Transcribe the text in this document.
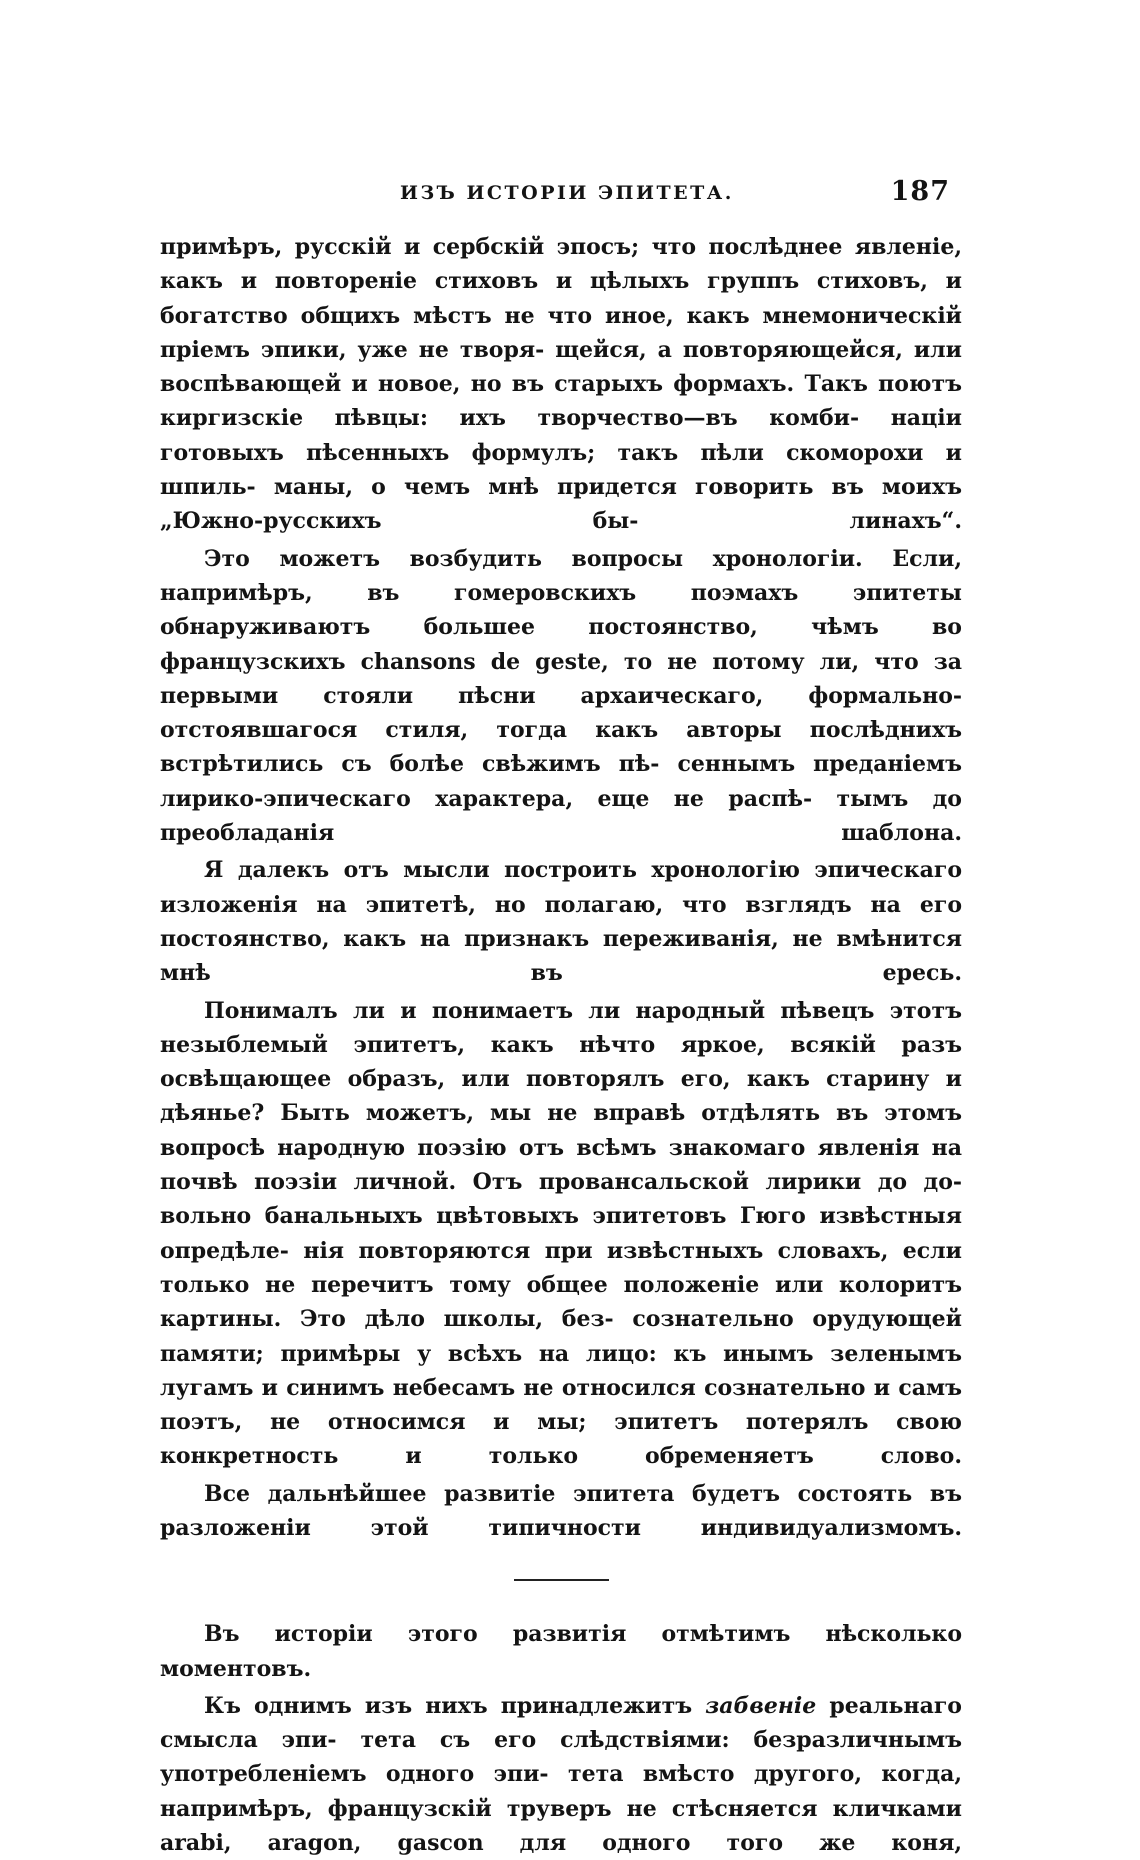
ИЗЪ ИСТОРІИ ЭПИТЕТА.	187

примѣръ, русскій и сербскій эпосъ; что послѣднее явленіе, какъ и повтореніе стиховъ и цѣлыхъ группъ стиховъ, и богатство общихъ мѣстъ не что иное, какъ мнемоническій пріемъ эпики, уже не творя- щейся, а повторяющейся, или воспѣвающей и новое, но въ старыхъ формахъ. Такъ поютъ киргизскіе пѣвцы: ихъ творчество—въ комби- націи готовыхъ пѣсенныхъ формулъ; такъ пѣли скоморохи и шпиль- маны, о чемъ мнѣ придется говорить въ моихъ „Южно-русскихъ бы-	линахъ“.

Это можетъ возбудить вопросы хронологіи. Если, напримѣръ, въ гомеровскихъ поэмахъ эпитеты обнаруживаютъ большее постоянство, чѣмъ во французскихъ chansons de geste, то не потому ли, что за первыми стояли пѣсни архаическаго, формально-отстоявшагося стиля, тогда какъ авторы послѣднихъ встрѣтились съ болѣе свѣжимъ пѣ- сеннымъ преданіемъ лирико-эпическаго характера, еще не распѣ- тымъ до преобладанія шаблона.

Я далекъ отъ мысли построить хронологію эпическаго изложенія на эпитетѣ, но полагаю, что взглядъ на его постоянство, какъ на признакъ переживанія, не вмѣнится мнѣ въ ересь.

Понималъ ли и понимаетъ ли народный пѣвецъ этотъ незыблемый эпитетъ, какъ нѣчто яркое, всякій разъ освѣщающее образъ, или повторялъ его, какъ старину и дѣянье? Быть можетъ, мы не вправѣ отдѣлять въ этомъ вопросѣ народную поэзію отъ всѣмъ знакомаго явленія на почвѣ поэзіи личной. Отъ провансальской лирики до до- вольно банальныхъ цвѣтовыхъ эпитетовъ Гюго извѣстныя опредѣле- нія повторяются при извѣстныхъ словахъ, если только не перечитъ тому общее положеніе или колоритъ картины. Это дѣло школы, без- сознательно орудующей памяти; примѣры у всѣхъ на лицо: къ инымъ зеленымъ лугамъ и синимъ небесамъ не относился сознательно и самъ поэтъ, не относимся и мы; эпитетъ потерялъ свою конкретность	и только обременяетъ слово.

Все дальнѣйшее развитіе эпитета будетъ состоять въ разложеніи	этой типичности индивидуализмомъ.

Въ исторіи этого развитія отмѣтимъ нѣсколько моментовъ.

Къ однимъ изъ нихъ принадлежитъ забвеніе реальнаго смысла эпи- тета съ его слѣдствіями: безразличнымъ употребленіемъ одного эпи- тета вмѣсто другого, когда, напримѣръ, французскій труверъ не стѣсняется кличками arabi, aragon, gascon для одного того же коня,
